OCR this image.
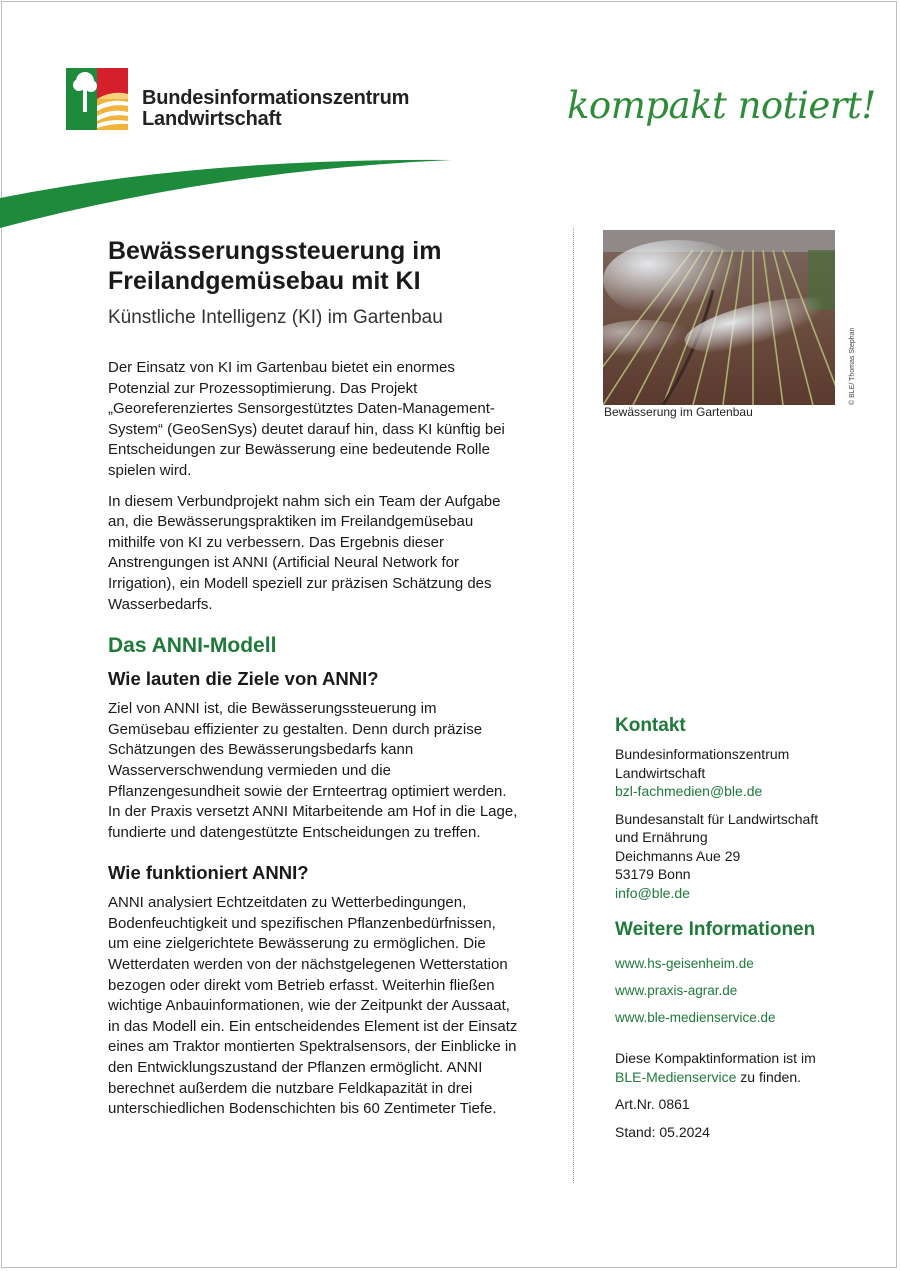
Bundesinformationszentrum
Landwirtschaft	kompakt notiert!
Bewässerungssteuerung im
Freilandgemüsebau mit KI
Künstliche Intelligenz (KI) im Gartenbau

Der Einsatz von KI im Gartenbau bietet ein enormes
Potenzial zur Prozessoptimierung. Das Projekt
„Georeferenziertes Sensorgestütztes Daten-Management-
System“ (GeoSenSys) deutet darauf hin, dass KI künftig bei
Entscheidungen zur Bewässerung eine bedeutende Rolle
spielen wird.

In diesem Verbundprojekt nahm sich ein Team der Aufgabe
an, die Bewässerungspraktiken im Freilandgemüsebau
mithilfe von KI zu verbessern. Das Ergebnis dieser
Anstrengungen ist ANNI (Artificial Neural Network for
Irrigation), ein Modell speziell zur präzisen Schätzung des
Wasserbedarfs.

Das ANNI-Modell
Wie lauten die Ziele von ANNI?

Ziel von ANNI ist, die Bewässerungssteuerung im
Gemüsebau effizienter zu gestalten. Denn durch präzise
Schätzungen des Bewässerungsbedarfs kann
Wasserverschwendung vermieden und die
Pflanzengesundheit sowie der Ernteertrag optimiert werden.
In der Praxis versetzt ANNI Mitarbeitende am Hof in die Lage,
fundierte und datengestützte Entscheidungen zu treffen.

Wie funktioniert ANNI?

ANNI analysiert Echtzeitdaten zu Wetterbedingungen,
Bodenfeuchtigkeit und spezifischen Pflanzenbedürfnissen,
um eine zielgerichtete Bewässerung zu ermöglichen. Die
Wetterdaten werden von der nächstgelegenen Wetterstation
bezogen oder direkt vom Betrieb erfasst. Weiterhin fließen
wichtige Anbauinformationen, wie der Zeitpunkt der Aussaat,
in das Modell ein. Ein entscheidendes Element ist der Einsatz
eines am Traktor montierten Spektralsensors, der Einblicke in
den Entwicklungszustand der Pflanzen ermöglicht. ANNI
berechnet außerdem die nutzbare Feldkapazität in drei
unterschiedlichen Bodenschichten bis 60 Zentimeter Tiefe.

Bewässerung im Gartenbau
© BLE/ Thomas Stephan
Kontakt
Bundesinformationszentrum
Landwirtschaft
bzl-fachmedien@ble.de
Bundesanstalt für Landwirtschaft
und Ernährung
Deichmanns Aue 29
53179 Bonn
info@ble.de
Weitere Informationen
www.hs-geisenheim.de
www.praxis-agrar.de
www.ble-medienservice.de
Diese Kompaktinformation ist im
BLE-Medienservice zu finden.
Art.Nr. 0861
Stand: 05.2024
